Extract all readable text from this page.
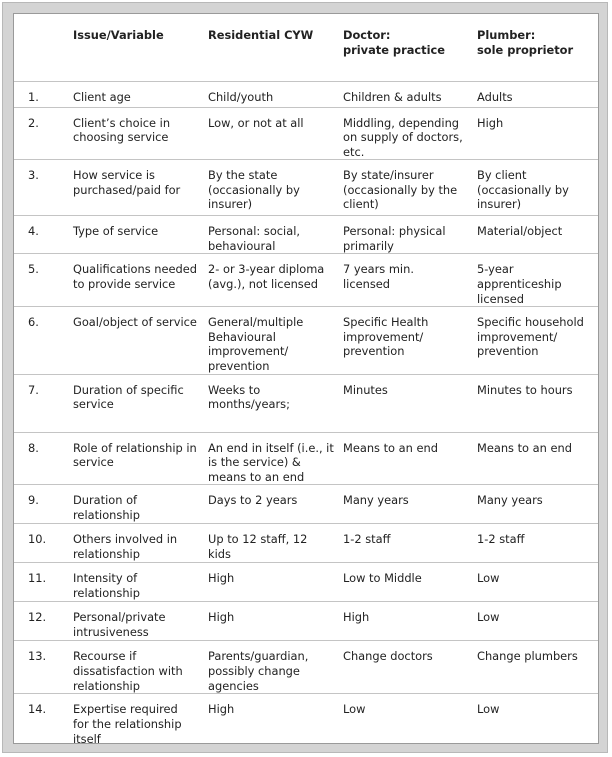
	Issue/Variable	Residential CYW	Doctor:
private practice	Plumber:
sole proprietor

1.	Client age	Child/youth	Children & adults	Adults

2.	Client’s choice in
choosing service	Low, or not at all	Middling, depending
on supply of doctors,
etc.	High

3.	How service is
purchased/paid for	By the state
(occasionally by
insurer)	By state/insurer
(occasionally by the
client)	By client
(occasionally by
insurer)

4.	Type of service	Personal: social,
behavioural	Personal: physical
primarily	Material/object

5.	Qualifications needed
to provide service	2- or 3-year diploma
(avg.), not licensed	7 years min.
licensed	5-year apprenticeship
licensed

6.	Goal/object of service	General/multiple
Behavioural
improvement/
prevention	Specific Health
improvement/
prevention	Specific household
improvement/
prevention

7.	Duration of specific
service	Weeks to
months/years;	Minutes	Minutes to hours

8.	Role of relationship in
service	An end in itself (i.e., it
is the service) &
means to an end	Means to an end	Means to an end

9.	Duration of
relationship	Days to 2 years	Many years	Many years

10.	Others involved in
relationship	Up to 12 staff, 12
kids	1-2 staff	1-2 staff

11.	Intensity of
relationship	High	Low to Middle	Low

12.	Personal/private
intrusiveness	High	High	Low

13.	Recourse if
dissatisfaction with
relationship	Parents/guardian,
possibly change
agencies	Change doctors	Change plumbers

14.	Expertise required
for the relationship
itself	High	Low	Low
